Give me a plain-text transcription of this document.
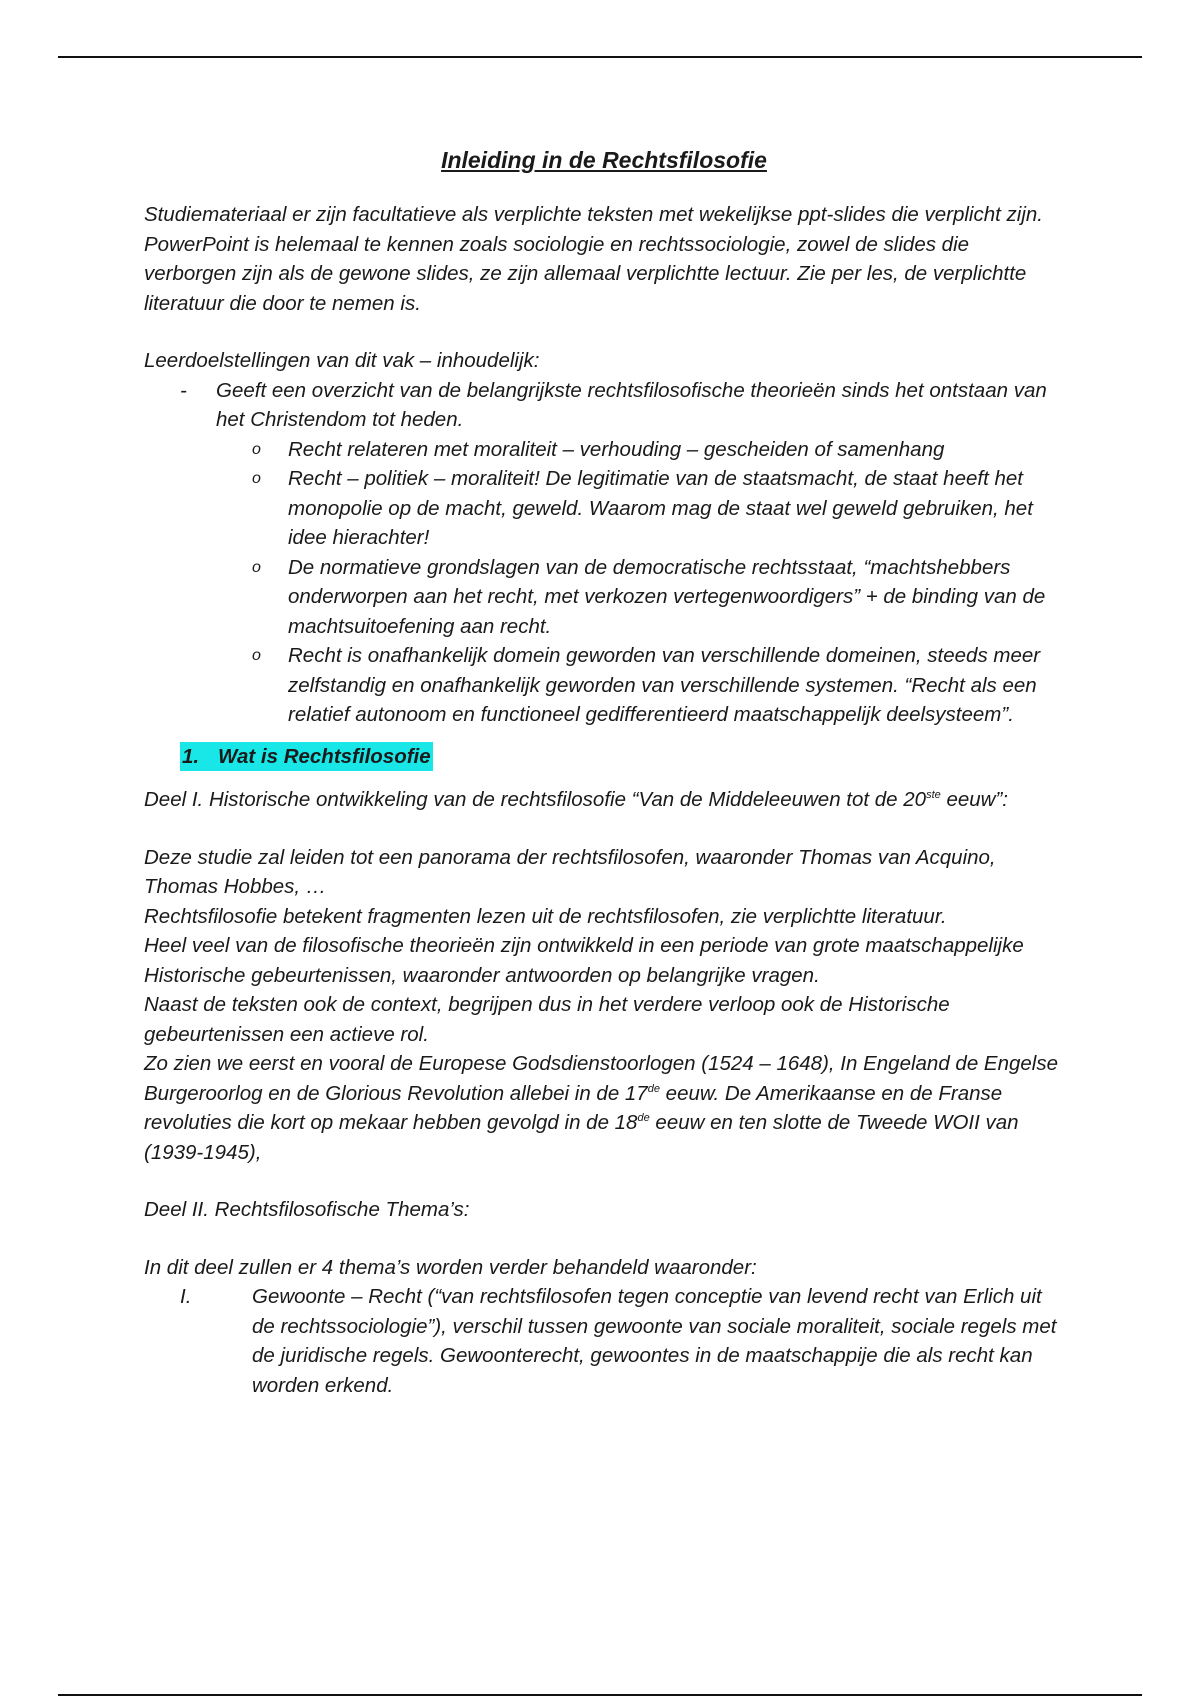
Inleiding in de Rechtsfilosofie

Studiemateriaal er zijn facultatieve als verplichte teksten met wekelijkse ppt-slides die verplicht zijn.

PowerPoint is helemaal te kennen zoals sociologie en rechtssociologie, zowel de slides die verborgen zijn als de gewone slides, ze zijn allemaal verplichtte lectuur. Zie per les, de verplichtte literatuur die door te nemen is.

Leerdoelstellingen van dit vak – inhoudelijk:

- Geeft een overzicht van de belangrijkste rechtsfilosofische theorieën sinds het ontstaan van het Christendom tot heden.
o Recht relateren met moraliteit – verhouding – gescheiden of samenhang
o Recht – politiek – moraliteit! De legitimatie van de staatsmacht, de staat heeft het monopolie op de macht, geweld. Waarom mag de staat wel geweld gebruiken, het idee hierachter!
o De normatieve grondslagen van de democratische rechtsstaat, “machtshebbers onderworpen aan het recht, met verkozen vertegenwoordigers” + de binding van de machtsuitoefening aan recht.
o Recht is onafhankelijk domein geworden van verschillende domeinen, steeds meer zelfstandig en onafhankelijk geworden van verschillende systemen. “Recht als een relatief autonoom en functioneel gedifferentieerd maatschappelijk deelsysteem”.
1. Wat is Rechtsfilosofie

Deel I. Historische ontwikkeling van de rechtsfilosofie “Van de Middeleeuwen tot de 20ste eeuw”:

Deze studie zal leiden tot een panorama der rechtsfilosofen, waaronder Thomas van Acquino, Thomas Hobbes, …

Rechtsfilosofie betekent fragmenten lezen uit de rechtsfilosofen, zie verplichtte literatuur.

Heel veel van de filosofische theorieën zijn ontwikkeld in een periode van grote maatschappelijke Historische gebeurtenissen, waaronder antwoorden op belangrijke vragen.

Naast de teksten ook de context, begrijpen dus in het verdere verloop ook de Historische gebeurtenissen een actieve rol.

Zo zien we eerst en vooral de Europese Godsdienstoorlogen (1524 – 1648), In Engeland de Engelse Burgeroorlog en de Glorious Revolution allebei in de 17de eeuw. De Amerikaanse en de Franse revoluties die kort op mekaar hebben gevolgd in de 18de eeuw en ten slotte de Tweede WOII van (1939-1945),

Deel II. Rechtsfilosofische Thema’s:

In dit deel zullen er 4 thema’s worden verder behandeld waaronder:

I.	Gewoonte – Recht (“van rechtsfilosofen tegen conceptie van levend recht van Erlich uit de rechtssociologie”), verschil tussen gewoonte van sociale moraliteit, sociale regels met de juridische regels. Gewoonterecht, gewoontes in de maatschappije die als recht kan worden erkend.
